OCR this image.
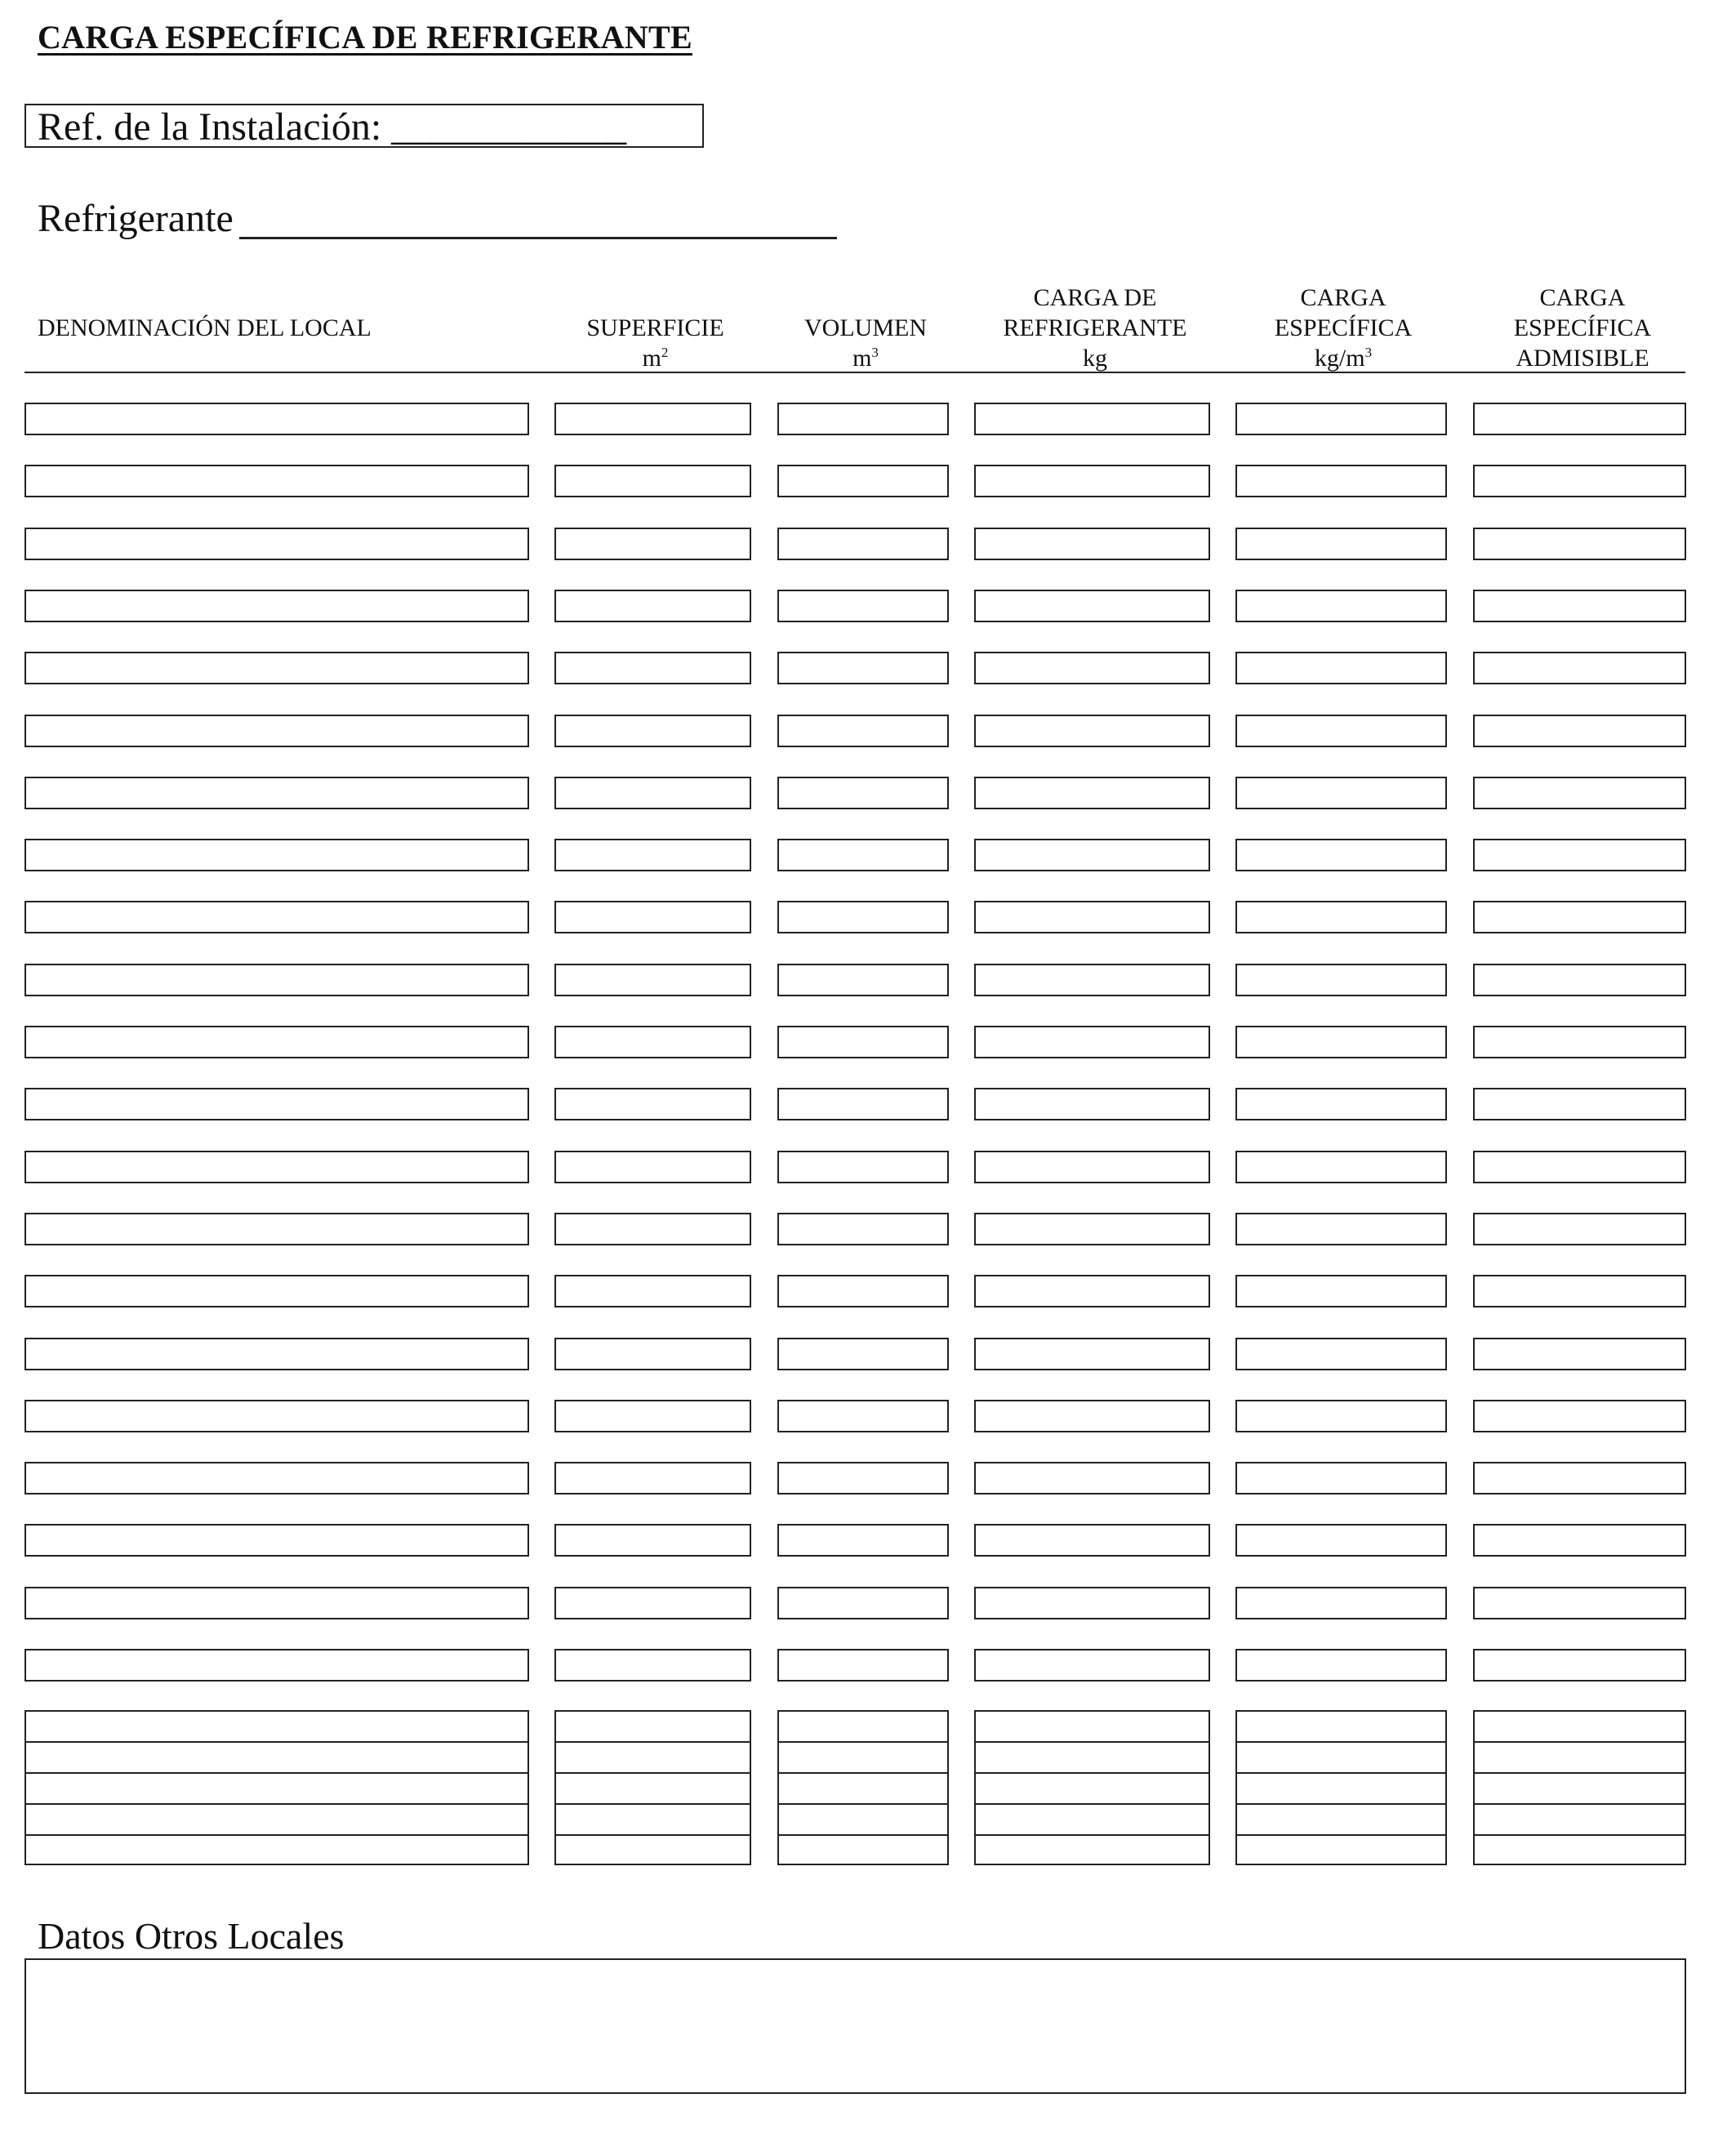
CARGA ESPECÍFICA DE REFRIGERANTE
Ref. de la Instalación: ____________
Refrigerante
DENOMINACIÓN DEL LOCAL	SUPERFICIE
$m^2$
VOLUMEN
$m^3$
CARGA DE
REFRIGERANTE
kg
CARGA
ESPECÍFICA
$kg/m^3$
CARGA
ESPECÍFICA
ADMISIBLE
Datos Otros Locales
